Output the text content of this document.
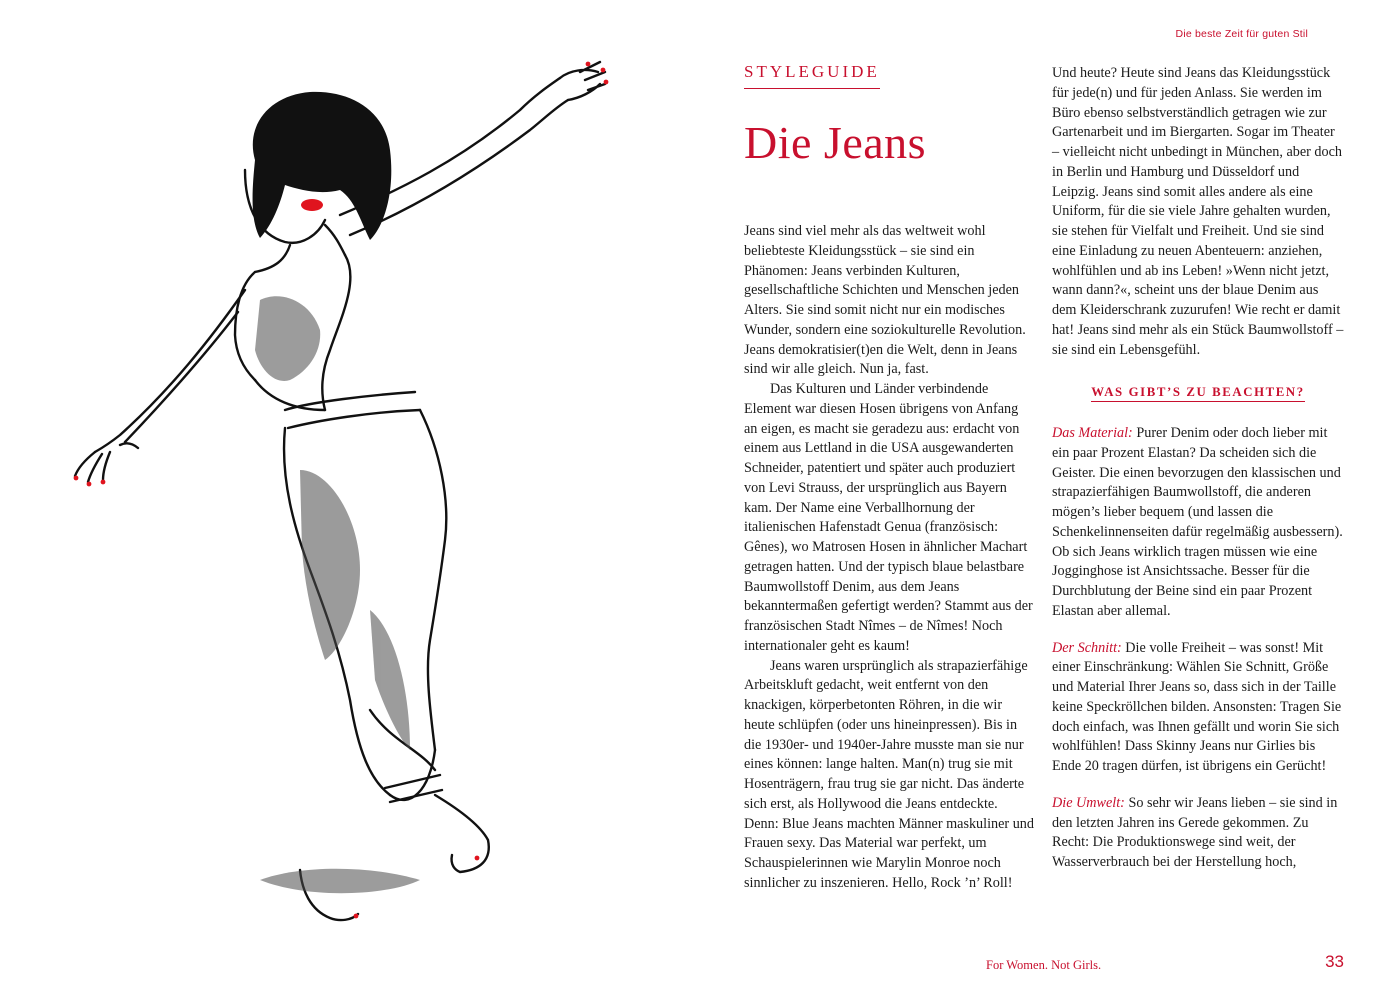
Die beste Zeit für guten Stil
STYLEGUIDE
Die Jeans

Jeans sind viel mehr als das weltweit wohl beliebteste Kleidungsstück – sie sind ein Phänomen: Jeans verbinden Kulturen, gesellschaftliche Schichten und Menschen jeden Alters. Sie sind somit nicht nur ein modisches Wunder, sondern eine soziokulturelle Revolution. Jeans demokratisier(t)en die Welt, denn in Jeans sind wir alle gleich. Nun ja, fast.

Das Kulturen und Länder verbindende Element war diesen Hosen übrigens von Anfang an eigen, es macht sie geradezu aus: erdacht von einem aus Lettland in die USA ausgewanderten Schneider, patentiert und später auch produziert von Levi Strauss, der ursprünglich aus Bayern kam. Der Name eine Verballhornung der italienischen Hafenstadt Genua (französisch: Gênes), wo Matrosen Hosen in ähnlicher Machart getragen hatten. Und der typisch blaue belastbare Baumwollstoff Denim, aus dem Jeans bekanntermaßen gefertigt werden? Stammt aus der französischen Stadt Nîmes – de Nîmes! Noch internationaler geht es kaum!

Jeans waren ursprünglich als strapazierfähige Arbeitskluft gedacht, weit entfernt von den knackigen, körperbetonten Röhren, in die wir heute schlüpfen (oder uns hineinpressen). Bis in die 1930er- und 1940er-Jahre musste man sie nur eines können: lange halten. Man(n) trug sie mit Hosenträgern, frau trug sie gar nicht. Das änderte sich erst, als Hollywood die Jeans entdeckte. Denn: Blue Jeans machten Männer maskuliner und Frauen sexy. Das Material war perfekt, um Schauspielerinnen wie Marylin Monroe noch sinnlicher zu inszenieren. Hello, Rock ’n’ Roll!

Und heute? Heute sind Jeans das Kleidungsstück für jede(n) und für jeden Anlass. Sie werden im Büro ebenso selbstverständlich getragen wie zur Gartenarbeit und im Biergarten. Sogar im Theater – vielleicht nicht unbedingt in München, aber doch in Berlin und Hamburg und Düsseldorf und Leipzig. Jeans sind somit alles andere als eine Uniform, für die sie viele Jahre gehalten wurden, sie stehen für Vielfalt und Freiheit. Und sie sind eine Einladung zu neuen Abenteuern: anziehen, wohlfühlen und ab ins Leben! »Wenn nicht jetzt, wann dann?«, scheint uns der blaue Denim aus dem Kleiderschrank zuzurufen! Wie recht er damit hat! Jeans sind mehr als ein Stück Baumwollstoff – sie sind ein Lebensgefühl.

WAS GIBT’S ZU BEACHTEN?

Das Material: Purer Denim oder doch lieber mit ein paar Prozent Elastan? Da scheiden sich die Geister. Die einen bevorzugen den klassischen und strapazierfähigen Baumwollstoff, die anderen mögen’s lieber bequem (und lassen die Schenkelinnenseiten dafür regelmäßig ausbessern). Ob sich Jeans wirklich tragen müssen wie eine Jogginghose ist Ansichtssache. Besser für die Durchblutung der Beine sind ein paar Prozent Elastan aber allemal.

Der Schnitt: Die volle Freiheit – was sonst! Mit einer Einschränkung: Wählen Sie Schnitt, Größe und Material Ihrer Jeans so, dass sich in der Taille keine Speckröllchen bilden. Ansonsten: Tragen Sie doch einfach, was Ihnen gefällt und worin Sie sich wohlfühlen! Dass Skinny Jeans nur Girlies bis Ende 20 tragen dürfen, ist übrigens ein Gerücht!

Die Umwelt: So sehr wir Jeans lieben – sie sind in den letzten Jahren ins Gerede gekommen. Zu Recht: Die Produktionswege sind weit, der Wasserverbrauch bei der Herstellung hoch,

For Women. Not Girls.	33
